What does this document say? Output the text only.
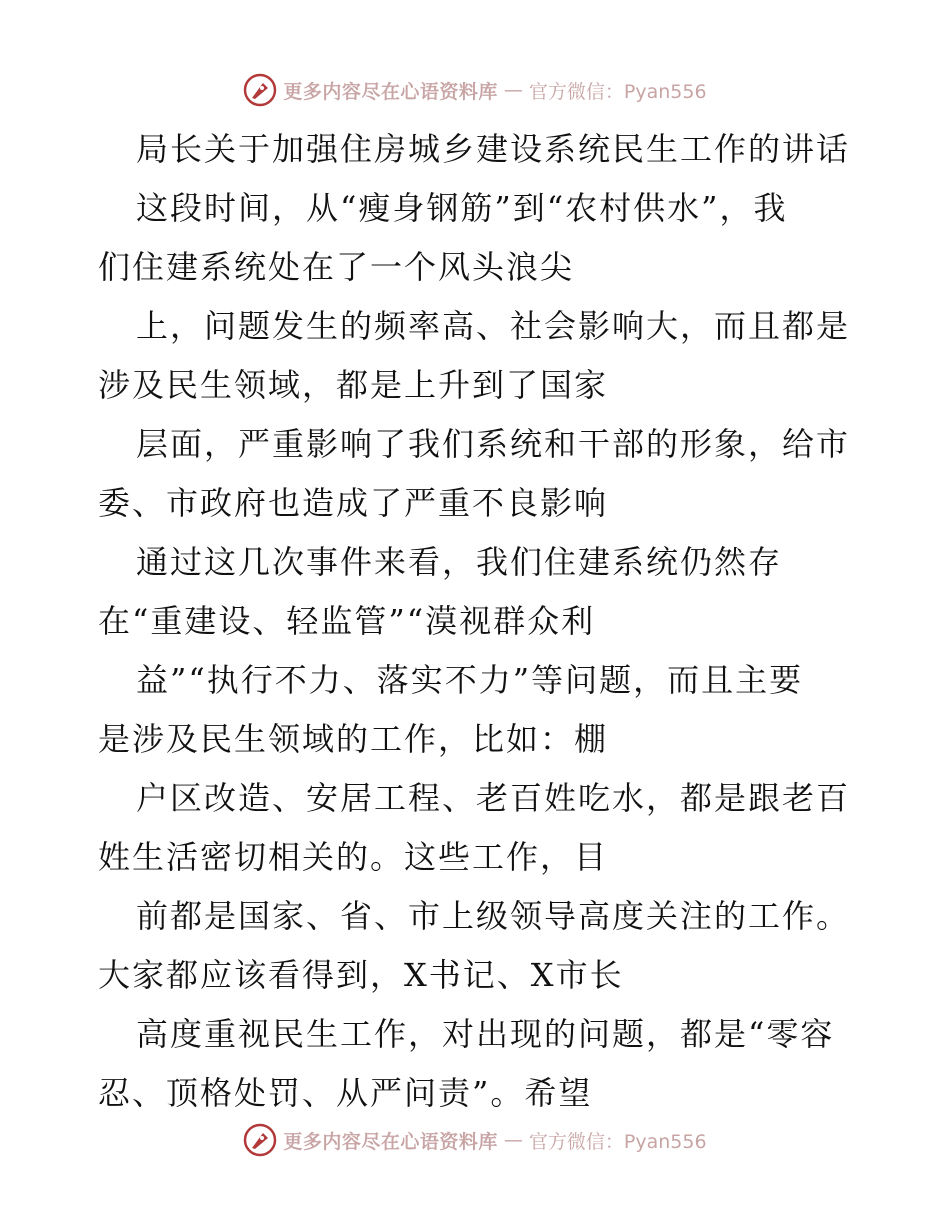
更多内容尽在心语资料库 — 官方微信：Pyan556
局长关于加强住房城乡建设系统民生工作的讲话
这段时间，从“瘦身钢筋”到“农村供水”，我
们住建系统处在了一个风头浪尖
上，问题发生的频率高、社会影响大，而且都是
涉及民生领域，都是上升到了国家
层面，严重影响了我们系统和干部的形象，给市
委、市政府也造成了严重不良影响
通过这几次事件来看，我们住建系统仍然存
在“重建设、轻监管”“漠视群众利
益”“执行不力、落实不力”等问题，而且主要
是涉及民生领域的工作，比如：棚
户区改造、安居工程、老百姓吃水，都是跟老百
姓生活密切相关的。这些工作，目
前都是国家、省、市上级领导高度关注的工作。
大家都应该看得到，X书记、X市长
高度重视民生工作，对出现的问题，都是“零容
忍、顶格处罚、从严问责”。希望
更多内容尽在心语资料库 — 官方微信：Pyan556
